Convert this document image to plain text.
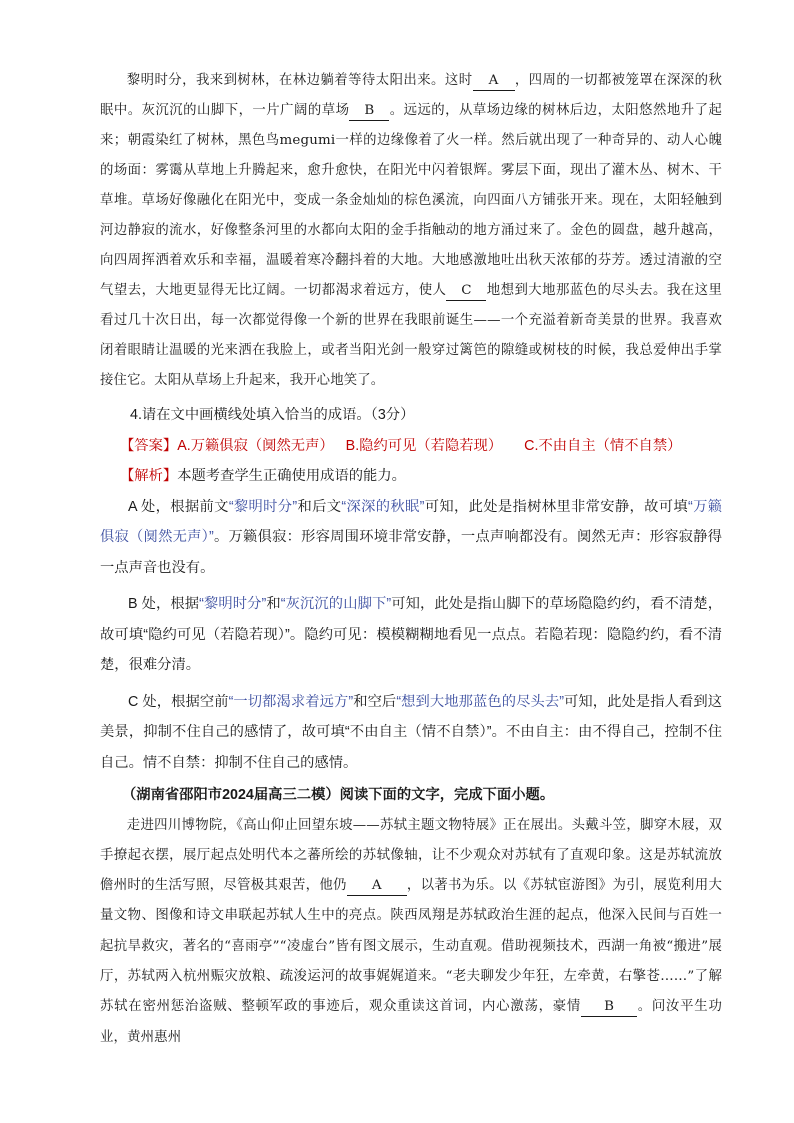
黎明时分，我来到树林，在林边躺着等待太阳出来。这时 A ，四周的一切都被笼罩在深深的秋眠中。灰沉沉的山脚下，一片广阔的草场 B 。远远的，从草场边缘的树林后边，太阳悠然地升了起来；朝霞染红了树林，黑色鸟megumi一样的边缘像着了火一样。然后就出现了一种奇异的、动人心魄的场面：雾霭从草地上升腾起来，愈升愈快，在阳光中闪着银辉。雾层下面，现出了灌木丛、树木、干草堆。草场好像融化在阳光中，变成一条金灿灿的棕色溪流，向四面八方铺张开来。现在，太阳轻触到河边静寂的流水，好像整条河里的水都向太阳的金手指触动的地方涌过来了。金色的圆盘，越升越高，向四周挥洒着欢乐和幸福，温暖着寒冷翻抖着的大地。大地感激地吐出秋天浓郁的芬芳。透过清澈的空气望去，大地更显得无比辽阔。一切都渴求着远方，使人 C 地想到大地那蓝色的尽头去。我在这里看过几十次日出，每一次都觉得像一个新的世界在我眼前诞生——一个充溢着新奇美景的世界。我喜欢闭着眼睛让温暖的光来洒在我脸上，或者当阳光剑一般穿过篱笆的隙缝或树枝的时候，我总爱伸出手掌接住它。太阳从草场上升起来，我开心地笑了。

4.请在文中画横线处填入恰当的成语。（3分）

【答案】A.万籁俱寂（阒然无声） B.隐约可见（若隐若现） C.不由自主（情不自禁）

【解析】本题考查学生正确使用成语的能力。

A 处，根据前文“黎明时分”和后文“深深的秋眠”可知，此处是指树林里非常安静，故可填“万籁俱寂（阒然无声）”。万籁俱寂：形容周围环境非常安静，一点声响都没有。阒然无声：形容寂静得一点声音也没有。

B 处，根据“黎明时分”和“灰沉沉的山脚下”可知，此处是指山脚下的草场隐隐约约，看不清楚，故可填“隐约可见（若隐若现）”。隐约可见：模模糊糊地看见一点点。若隐若现：隐隐约约，看不清楚，很难分清。

C 处，根据空前“一切都渴求着远方”和空后“想到大地那蓝色的尽头去”可知，此处是指人看到这美景，抑制不住自己的感情了，故可填“不由自主（情不自禁）”。不由自主：由不得自己，控制不住自己。情不自禁：抑制不住自己的感情。

（湖南省邵阳市2024届高三二模）阅读下面的文字，完成下面小题。

走进四川博物院，《高山仰止回望东坡——苏轼主题文物特展》正在展出。头戴斗笠，脚穿木屐，双手撩起衣摆，展厅起点处明代本之蕃所绘的苏轼像轴，让不少观众对苏轼有了直观印象。这是苏轼流放儋州时的生活写照，尽管极其艰苦，他仍 A ，以著书为乐。以《苏轼宦游图》为引，展览利用大量文物、图像和诗文串联起苏轼人生中的亮点。陕西凤翔是苏轼政治生涯的起点，他深入民间与百姓一起抗旱救灾，著名的“喜雨亭”“凌虚台”皆有图文展示，生动直观。借助视频技术，西湖一角被“搬进”展厅，苏轼两入杭州赈灾放粮、疏浚运河的故事娓娓道来。“老夫聊发少年狂，左牵黄，右擎苍……”了解苏轼在密州惩治盗贼、整顿军政的事迹后，观众重读这首词，内心激荡，豪情 B 。问汝平生功业，黄州惠州
